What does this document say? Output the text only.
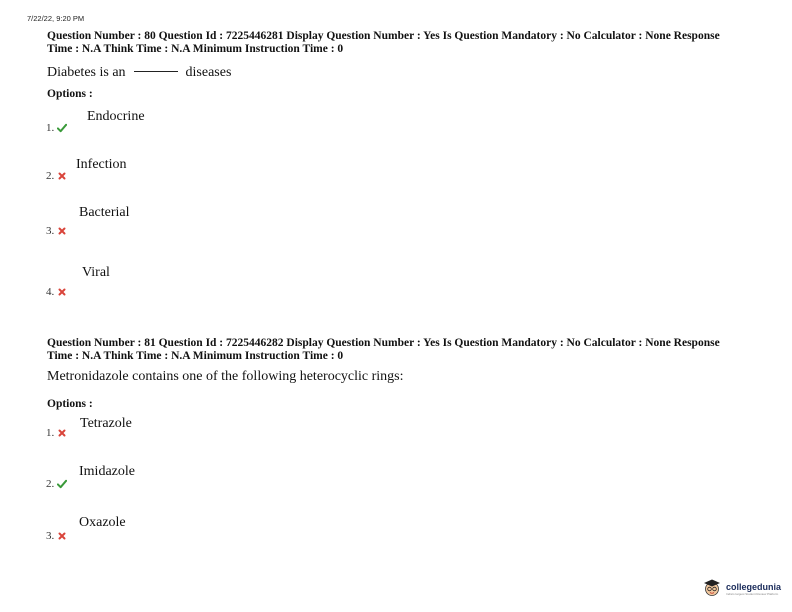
7/22/22, 9:20 PM
Question Number : 80 Question Id : 7225446281 Display Question Number : Yes Is Question Mandatory : No Calculator : None Response
Time : N.A Think Time : N.A Minimum Instruction Time : 0
Diabetes is an	diseases
Options :
Endocrine
1.
Infection
2.
Bacterial
3.
Viral
4.
Question Number : 81 Question Id : 7225446282 Display Question Number : Yes Is Question Mandatory : No Calculator : None Response
Time : N.A Think Time : N.A Minimum Instruction Time : 0
Metronidazole contains one of the following heterocyclic rings:
Options :
Tetrazole
1.
Imidazole
2.
Oxazole
3.
collegedunia
India's largest Student Review Platform
